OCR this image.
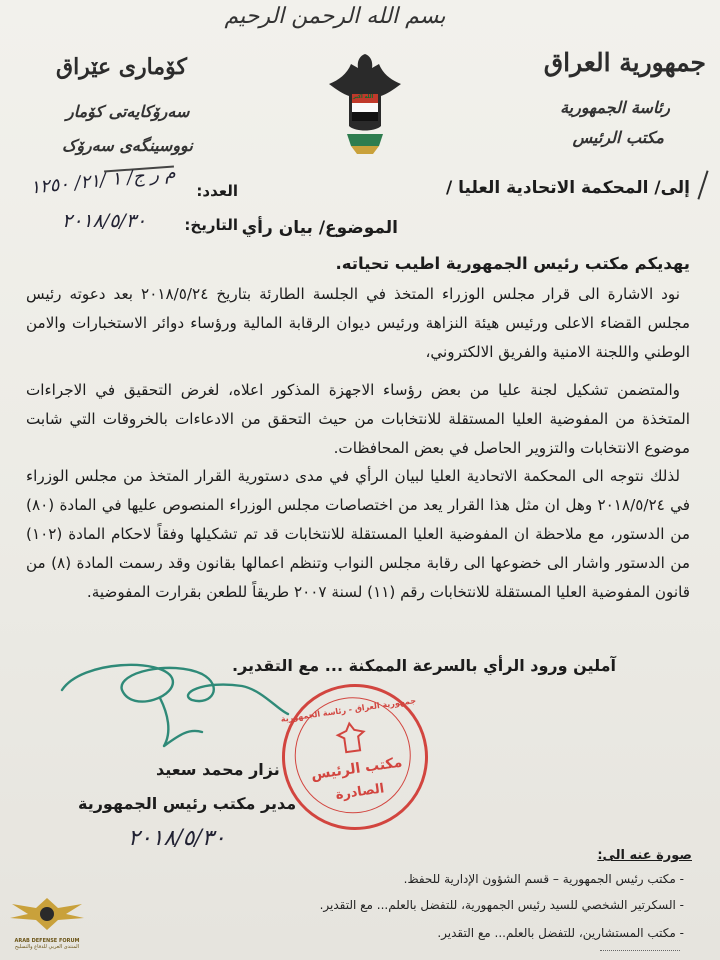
بسم الله الرحمن الرحيم
جمهورية العراق
رئاسة الجمهورية
مكتب الرئيس
كۆماری عێراق
سەرۆکایەتی کۆمار
نووسینگەی سەرۆک
الله اكبر
العدد:
م ر ج/ ١ /٢١/ ١٢٥٠
التاريخ:
٢٠١٨/٥/٣٠
إلى/ المحكمة الاتحادية العليا /
الموضوع/ بيان رأي
يهديكم مكتب رئيس الجمهورية اطيب تحياته.
نود الاشارة الى قرار مجلس الوزراء المتخذ في الجلسة الطارئة بتاريخ ٢٠١٨/٥/٢٤ بعد دعوته رئيس مجلس القضاء الاعلى ورئيس هيئة النزاهة ورئيس ديوان الرقابة المالية ورؤساء دوائر الاستخبارات والامن الوطني واللجنة الامنية والفريق الالكتروني،
والمتضمن تشكيل لجنة عليا من بعض رؤساء الاجهزة المذكور اعلاه، لغرض التحقيق في الاجراءات المتخذة من المفوضية العليا المستقلة للانتخابات من حيث التحقق من الادعاءات بالخروقات التي شابت موضوع الانتخابات والتزوير الحاصل في بعض المحافظات.
لذلك نتوجه الى المحكمة الاتحادية العليا لبيان الرأي في مدى دستورية القرار المتخذ من مجلس الوزراء في ٢٠١٨/٥/٢٤ وهل ان مثل هذا القرار يعد من اختصاصات مجلس الوزراء المنصوص عليها في المادة (٨٠) من الدستور، مع ملاحظة ان المفوضية العليا المستقلة للانتخابات قد تم تشكيلها وفقاً لاحكام المادة (١٠٢) من الدستور واشار الى خضوعها الى رقابة مجلس النواب وتنظم اعمالها بقانون وقد رسمت المادة (٨) من قانون المفوضية العليا المستقلة للانتخابات رقم (١١) لسنة ٢٠٠٧ طريقاً للطعن بقرارت المفوضية.
آملين ورود الرأي بالسرعة الممكنة ... مع التقدير.
نزار محمد سعيد
مدير مكتب رئيس الجمهورية
٢٠١٨/٥/٣٠
جمهورية العراق - رئاسة الجمهورية
مكتب الرئيس
الصادرة
صورة عنه الى:
- مكتب رئيس الجمهورية – قسم الشؤون الإدارية للحفظ.
- السكرتير الشخصي للسيد رئيس الجمهورية، للتفضل بالعلم... مع التقدير.
- مكتب المستشارين، للتفضل بالعلم... مع التقدير.
ARAB DEFENSE FORUM
المنتدى العربي للدفاع والتسليح
